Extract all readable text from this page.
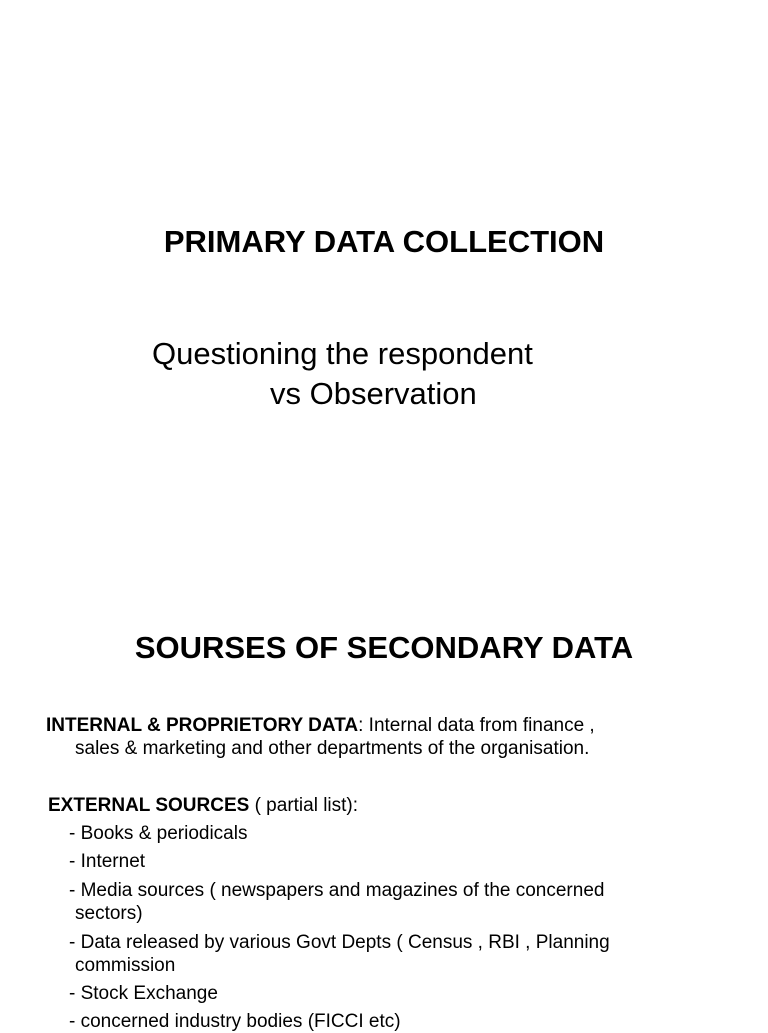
PRIMARY DATA COLLECTION
Questioning the respondent
vs Observation
SOURSES OF SECONDARY DATA
INTERNAL & PROPRIETORY DATA: Internal data from finance ,
sales & marketing and other departments of the organisation.
EXTERNAL SOURCES ( partial list):
- Books & periodicals
- Internet
- Media sources ( newspapers and magazines of the concerned
sectors)
- Data released by various Govt Depts ( Census , RBI , Planning
commission
- Stock Exchange
- concerned industry bodies (FICCI etc)
